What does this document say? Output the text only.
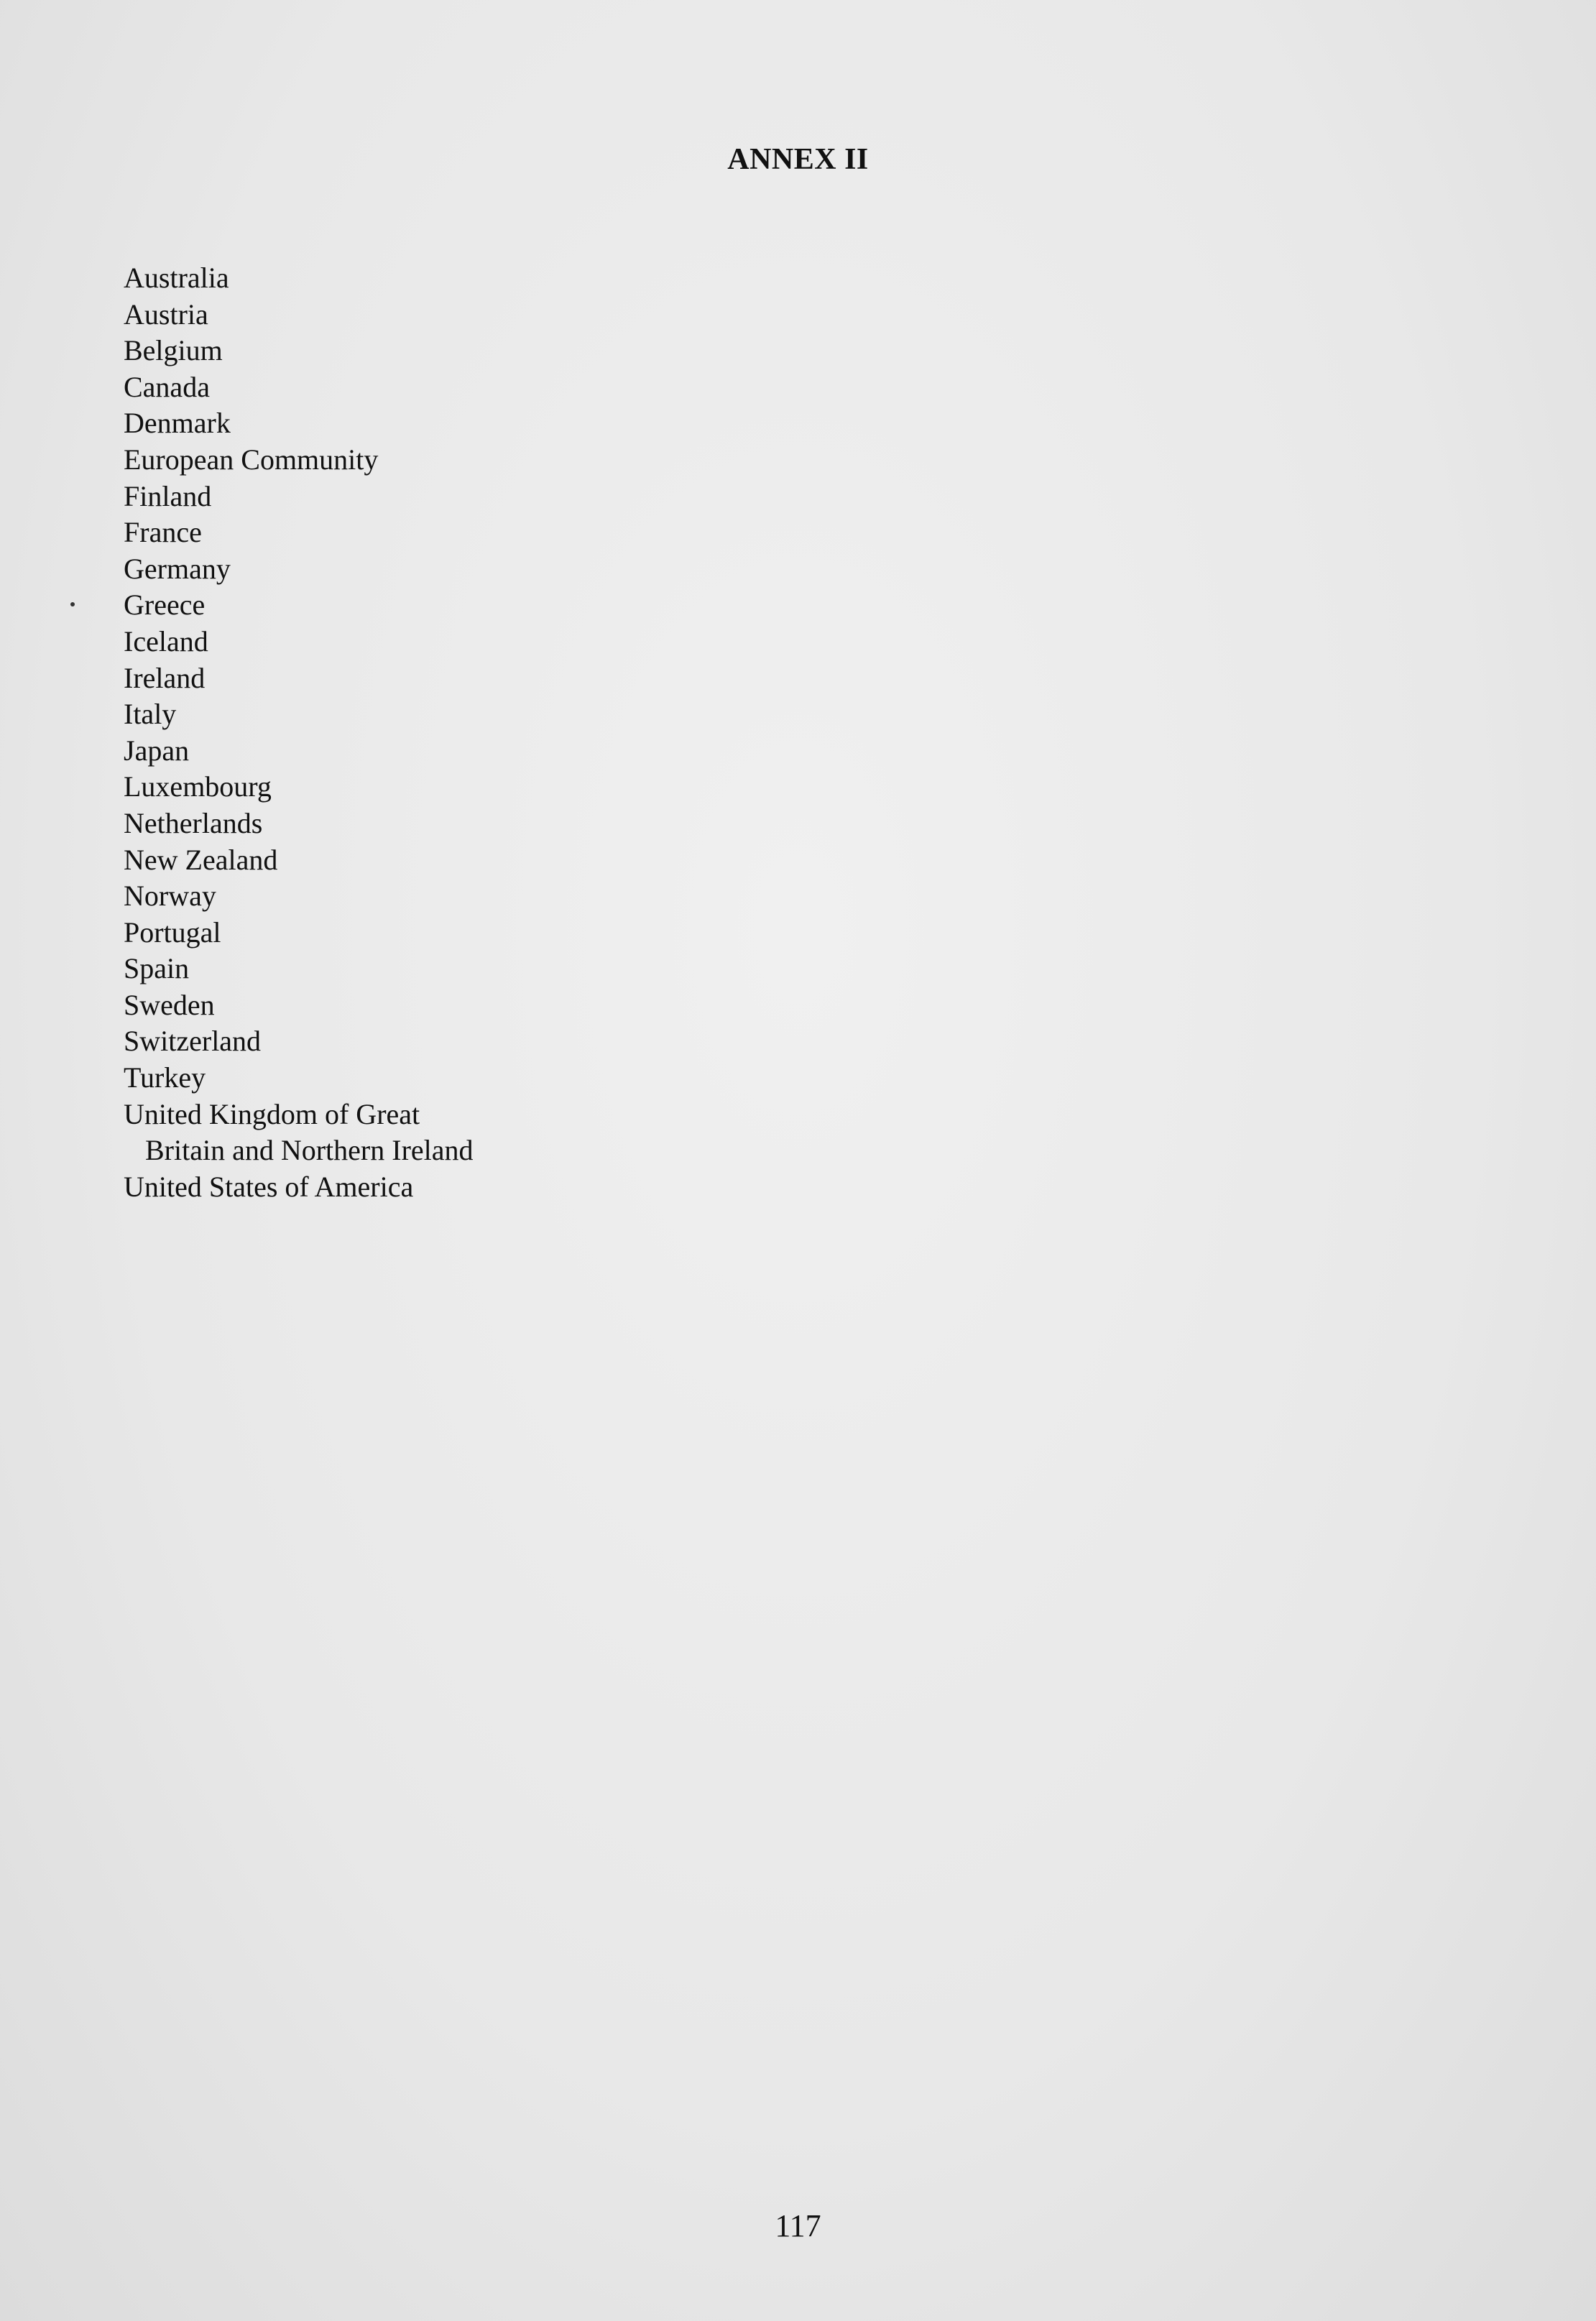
ANNEX II
Australia
Austria
Belgium
Canada
Denmark
European Community
Finland
France
Germany
Greece
Iceland
Ireland
Italy
Japan
Luxembourg
Netherlands
New Zealand
Norway
Portugal
Spain
Sweden
Switzerland
Turkey
United Kingdom of Great
Britain and Northern Ireland
United States of America
117
